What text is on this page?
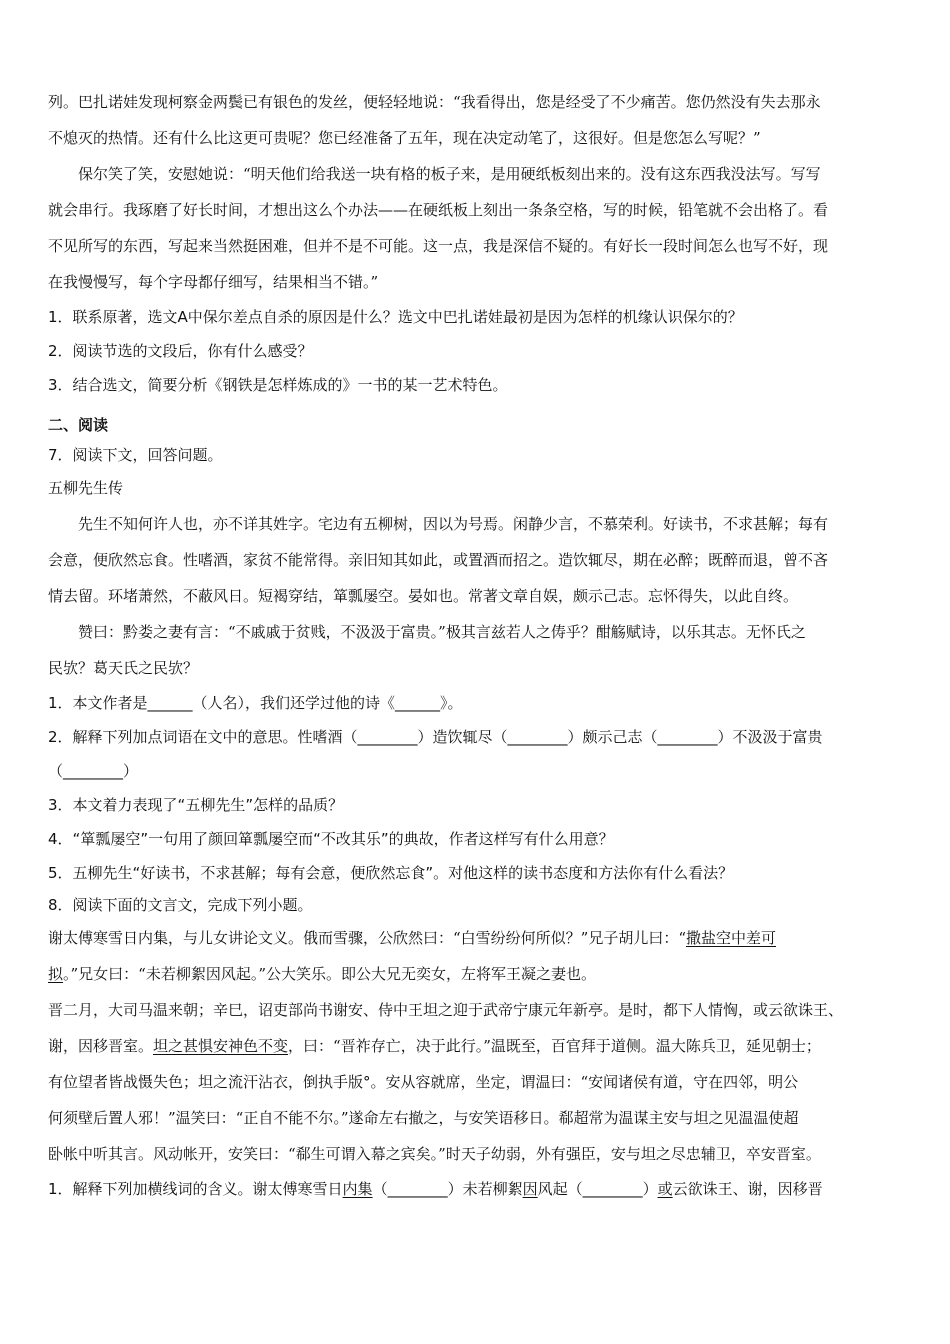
列。巴扎诺娃发现柯察金两鬓已有银色的发丝，便轻轻地说：“我看得出，您是经受了不少痛苦。您仍然没有失去那永

不熄灭的热情。还有什么比这更可贵呢？您已经准备了五年，现在决定动笔了，这很好。但是您怎么写呢？”

保尔笑了笑，安慰她说：“明天他们给我送一块有格的板子来，是用硬纸板刻出来的。没有这东西我没法写。写写

就会串行。我琢磨了好长时间，才想出这么个办法——在硬纸板上刻出一条条空格，写的时候，铅笔就不会出格了。看

不见所写的东西，写起来当然挺困难，但并不是不可能。这一点，我是深信不疑的。有好长一段时间怎么也写不好，现

在我慢慢写，每个字母都仔细写，结果相当不错。”

1．联系原著，选文A中保尔差点自杀的原因是什么？选文中巴扎诺娃最初是因为怎样的机缘认识保尔的？

2．阅读节选的文段后，你有什么感受？

3．结合选文，简要分析《钢铁是怎样炼成的》一书的某一艺术特色。

二、阅读

7．阅读下文，回答问题。

五柳先生传

先生不知何许人也，亦不详其姓字。宅边有五柳树，因以为号焉。闲静少言，不慕荣利。好读书，不求甚解；每有

会意，便欣然忘食。性嗜酒，家贫不能常得。亲旧知其如此，或置酒而招之。造饮辄尽，期在必醉；既醉而退，曾不吝

情去留。环堵萧然，不蔽风日。短褐穿结，箪瓢屡空。晏如也。常著文章自娱，颇示己志。忘怀得失，以此自终。

赞曰：黔娄之妻有言：“不戚戚于贫贱，不汲汲于富贵。”极其言兹若人之俦乎？酣觞赋诗，以乐其志。无怀氏之

民欤？葛天氏之民欤？

1．本文作者是______（人名），我们还学过他的诗《______》。

2．解释下列加点词语在文中的意思。性嗜酒（________）造饮辄尽（________）颇示己志（________）不汲汲于富贵

（________）

3．本文着力表现了“五柳先生”怎样的品质？

4．“箪瓢屡空”一句用了颜回箪瓢屡空而“不改其乐”的典故，作者这样写有什么用意？

5．五柳先生“好读书，不求甚解；每有会意，便欣然忘食”。对他这样的读书态度和方法你有什么看法？

8．阅读下面的文言文，完成下列小题。

谢太傅寒雪日内集，与儿女讲论文义。俄而雪骤，公欣然曰：“白雪纷纷何所似？”兄子胡儿曰：“撒盐空中差可

拟。”兄女曰：“未若柳絮因风起。”公大笑乐。即公大兄无奕女，左将军王凝之妻也。

晋二月，大司马温来朝；辛巳，诏吏部尚书谢安、侍中王坦之迎于武帝宁康元年新亭。是时，都下人情恟，或云欲诛王、

谢，因移晋室。坦之甚惧安神色不变，曰：“晋祚存亡，决于此行。”温既至，百官拜于道侧。温大陈兵卫，延见朝士；

有位望者皆战慑失色；坦之流汗沾衣，倒执手版°。安从容就席，坐定，谓温曰：“安闻诸侯有道，守在四邻，明公

何须壁后置人邪！”温笑曰：“正自不能不尔。”遂命左右撤之，与安笑语移日。郗超常为温谋主安与坦之见温温使超

卧帐中听其言。风动帐开，安笑曰：“郗生可谓入幕之宾矣。”时天子幼弱，外有强臣，安与坦之尽忠辅卫，卒安晋室。

1．解释下列加横线词的含义。谢太傅寒雪日内集（________）未若柳絮因风起（________）或云欲诛王、谢，因移晋
